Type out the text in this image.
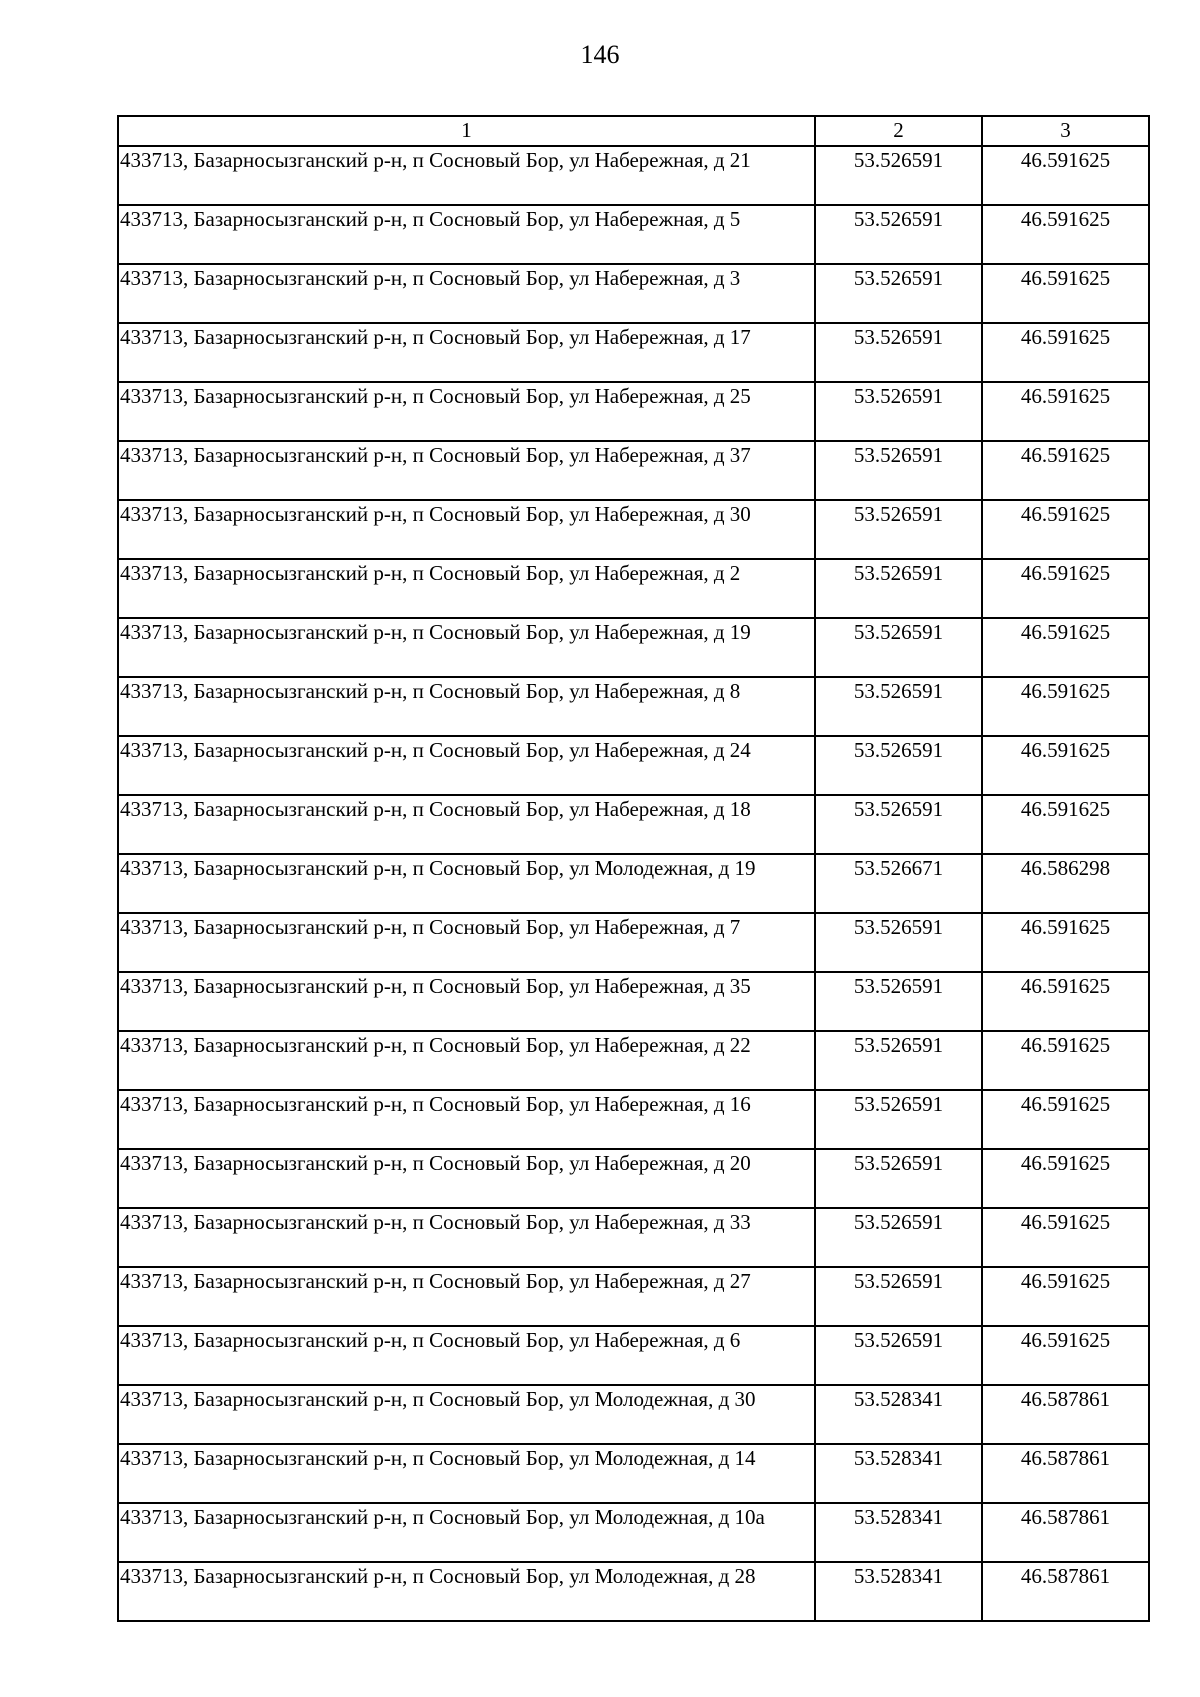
146
1	2	3
433713, Базарносызганский р-н, п Сосновый Бор, ул Набережная, д 21	53.526591	46.591625
433713, Базарносызганский р-н, п Сосновый Бор, ул Набережная, д 5	53.526591	46.591625
433713, Базарносызганский р-н, п Сосновый Бор, ул Набережная, д 3	53.526591	46.591625
433713, Базарносызганский р-н, п Сосновый Бор, ул Набережная, д 17	53.526591	46.591625
433713, Базарносызганский р-н, п Сосновый Бор, ул Набережная, д 25	53.526591	46.591625
433713, Базарносызганский р-н, п Сосновый Бор, ул Набережная, д 37	53.526591	46.591625
433713, Базарносызганский р-н, п Сосновый Бор, ул Набережная, д 30	53.526591	46.591625
433713, Базарносызганский р-н, п Сосновый Бор, ул Набережная, д 2	53.526591	46.591625
433713, Базарносызганский р-н, п Сосновый Бор, ул Набережная, д 19	53.526591	46.591625
433713, Базарносызганский р-н, п Сосновый Бор, ул Набережная, д 8	53.526591	46.591625
433713, Базарносызганский р-н, п Сосновый Бор, ул Набережная, д 24	53.526591	46.591625
433713, Базарносызганский р-н, п Сосновый Бор, ул Набережная, д 18	53.526591	46.591625
433713, Базарносызганский р-н, п Сосновый Бор, ул Молодежная, д 19	53.526671	46.586298
433713, Базарносызганский р-н, п Сосновый Бор, ул Набережная, д 7	53.526591	46.591625
433713, Базарносызганский р-н, п Сосновый Бор, ул Набережная, д 35	53.526591	46.591625
433713, Базарносызганский р-н, п Сосновый Бор, ул Набережная, д 22	53.526591	46.591625
433713, Базарносызганский р-н, п Сосновый Бор, ул Набережная, д 16	53.526591	46.591625
433713, Базарносызганский р-н, п Сосновый Бор, ул Набережная, д 20	53.526591	46.591625
433713, Базарносызганский р-н, п Сосновый Бор, ул Набережная, д 33	53.526591	46.591625
433713, Базарносызганский р-н, п Сосновый Бор, ул Набережная, д 27	53.526591	46.591625
433713, Базарносызганский р-н, п Сосновый Бор, ул Набережная, д 6	53.526591	46.591625
433713, Базарносызганский р-н, п Сосновый Бор, ул Молодежная, д 30	53.528341	46.587861
433713, Базарносызганский р-н, п Сосновый Бор, ул Молодежная, д 14	53.528341	46.587861
433713, Базарносызганский р-н, п Сосновый Бор, ул Молодежная, д 10а	53.528341	46.587861
433713, Базарносызганский р-н, п Сосновый Бор, ул Молодежная, д 28	53.528341	46.587861
